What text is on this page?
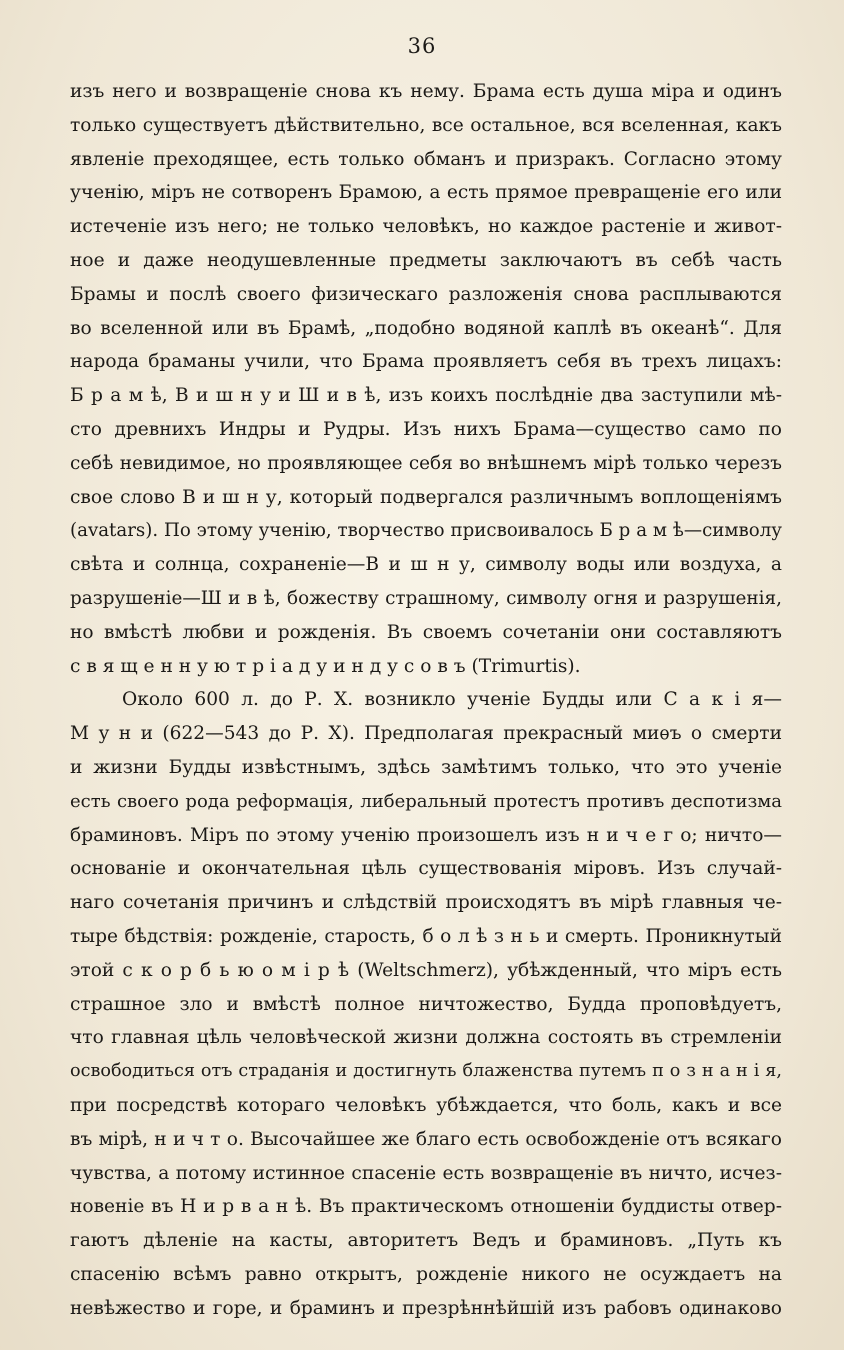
36
изъ него и возвращеніе снова къ нему. Брама есть душа міра и одинъ
только существуетъ дѣйствительно, все остальное, вся вселенная, какъ
явленіе преходящее, есть только обманъ и призракъ. Согласно этому
ученію, міръ не сотворенъ Брамою, а есть прямое превращеніе его или
истеченіе изъ него; не только человѣкъ, но каждое растеніе и живот-
ное и даже неодушевленные предметы заключаютъ въ себѣ часть
Брамы и послѣ своего физическаго разложенія снова расплываются
во вселенной или въ Брамѣ, „подобно водяной каплѣ въ океанѣ“. Для
народа браманы учили, что Брама проявляетъ себя въ трехъ лицахъ:
Б р а м ѣ, В и ш н у и Ш и в ѣ, изъ коихъ послѣдніе два заступили мѣ-
сто древнихъ Индры и Рудры. Изъ нихъ Брама—существо само по
себѣ невидимое, но проявляющее себя во внѣшнемъ мірѣ только черезъ
свое слово В и ш н у, который подвергался различнымъ воплощеніямъ
(avatars). По этому ученію, творчество присвоивалось Б р а м ѣ—символу
свѣта и солнца, сохраненіе—В и ш н у, символу воды или воздуха, а
разрушеніе—Ш и в ѣ, божеству страшному, символу огня и разрушенія,
но вмѣстѣ любви и рожденія. Въ своемъ сочетаніи они составляютъ
с в я щ е н н у ю т р і а д у и н д у с о в ъ (Trimurtis).
Около 600 л. до Р. Х. возникло ученіе Будды или С а к і я—
М у н и (622—543 до Р. Х). Предполагая прекрасный миѳъ о смерти
и жизни Будды извѣстнымъ, здѣсь замѣтимъ только, что это ученіе
есть своего рода реформація, либеральный протестъ противъ деспотизма
браминовъ. Міръ по этому ученію произошелъ изъ н и ч е г о; ничто—
основаніе и окончательная цѣль существованія міровъ. Изъ случай-
наго сочетанія причинъ и слѣдствій происходятъ въ мірѣ главныя че-
тыре бѣдствія: рожденіе, старость, б о л ѣ з н ь и смерть. Проникнутый
этой с к о р б ь ю о м і р ѣ (Weltschmerz), убѣжденный, что міръ есть
страшное зло и вмѣстѣ полное ничтожество, Будда проповѣдуетъ,
что главная цѣль человѣческой жизни должна состоять въ стремленіи
освободиться отъ страданія и достигнуть блаженства путемъ п о з н а н і я,
при посредствѣ котораго человѣкъ убѣждается, что боль, какъ и все
въ мірѣ, н и ч т о. Высочайшее же благо есть освобожденіе отъ всякаго
чувства, а потому истинное спасеніе есть возвращеніе въ ничто, исчез-
новеніе въ Н и р в а н ѣ. Въ практическомъ отношеніи буддисты отвер-
гаютъ дѣленіе на касты, авторитетъ Ведъ и браминовъ. „Путь къ
спасенію всѣмъ равно открытъ, рожденіе никого не осуждаетъ на
невѣжество и горе, и браминъ и презрѣннѣйшій изъ рабовъ одинаково
